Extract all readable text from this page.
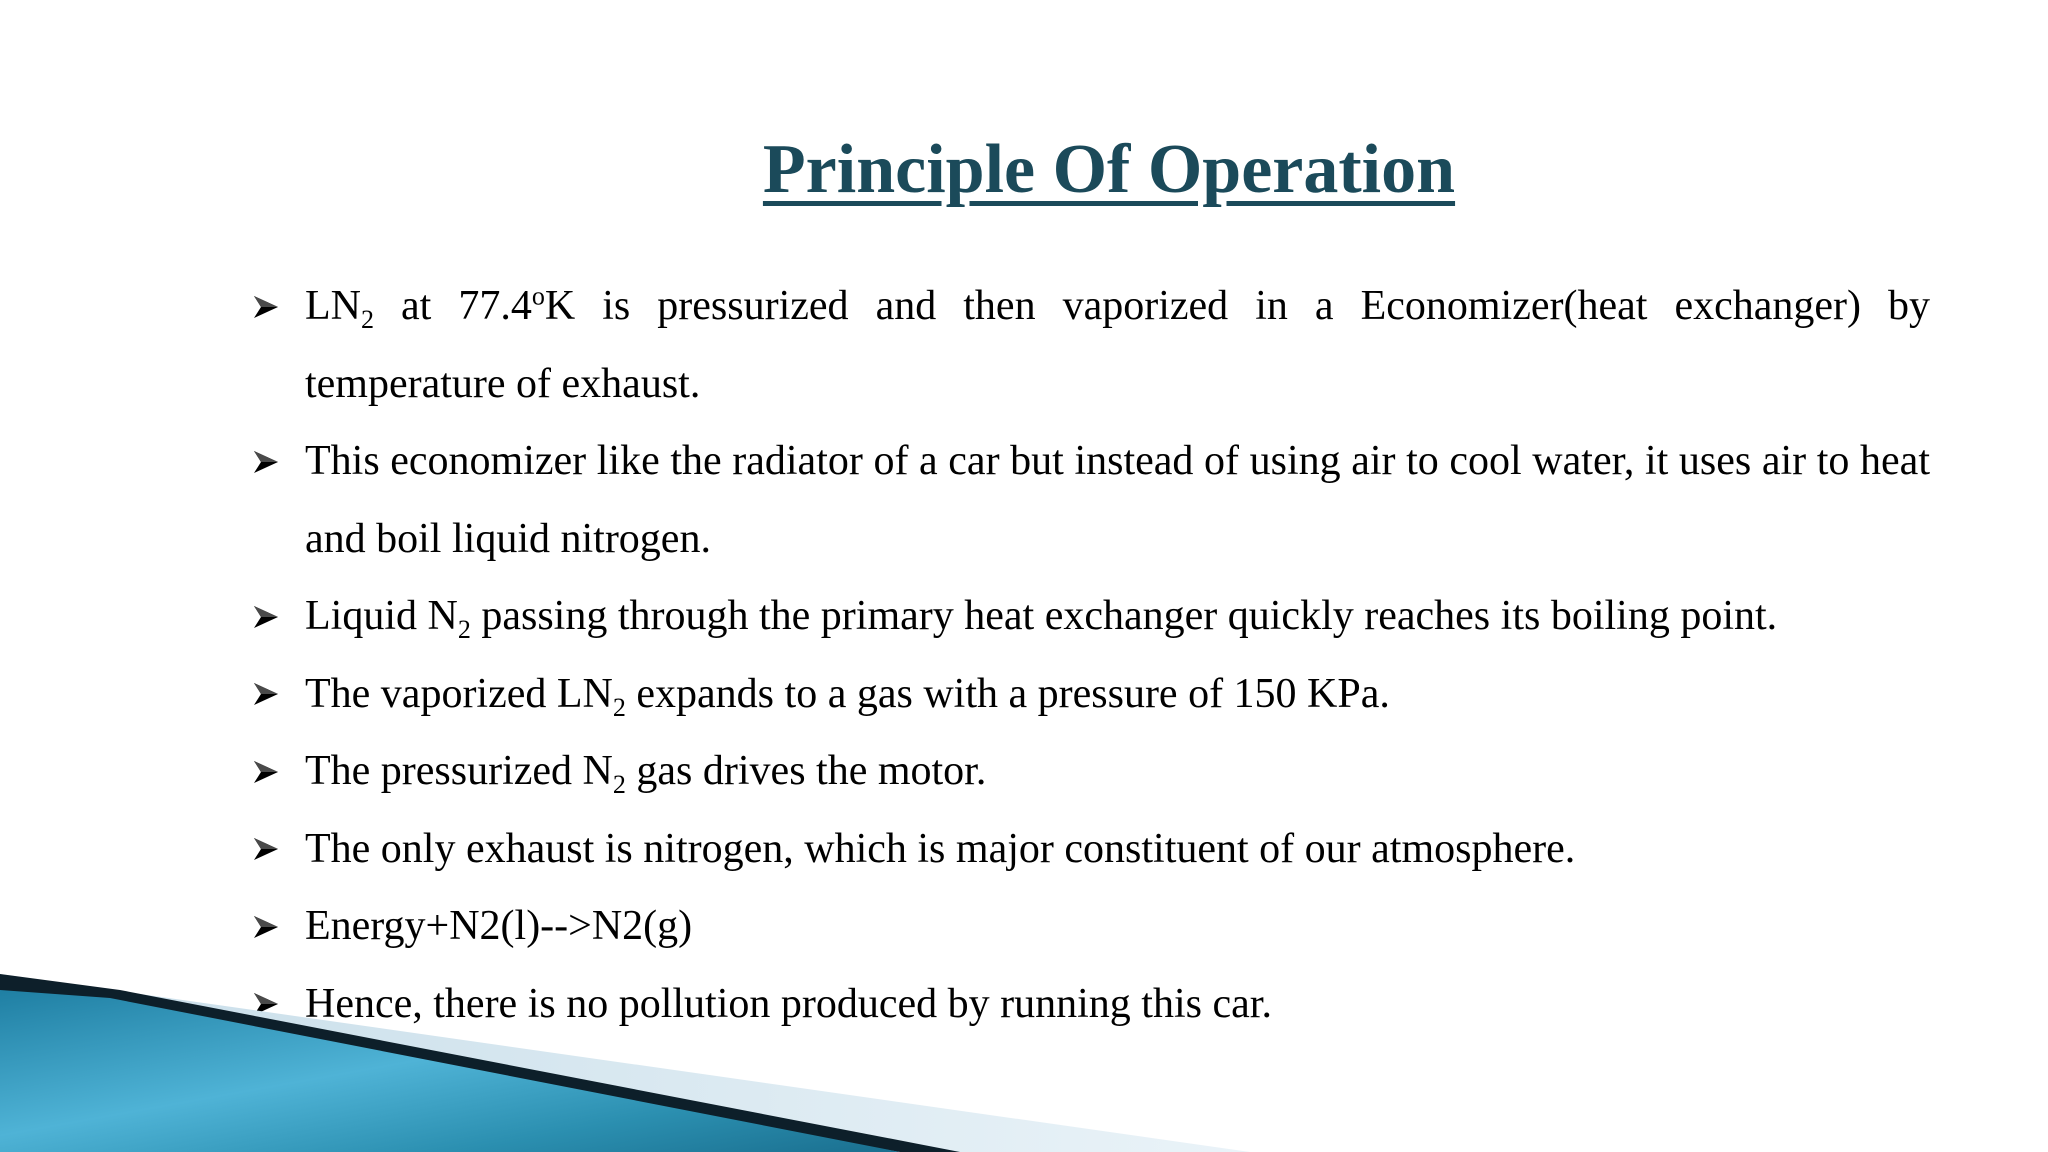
Principle Of Operation
$LN_2$ at 77.4$^o$K is pressurized and then vaporized in a Economizer(heat exchanger) by temperature of exhaust.
This economizer like the radiator of a car but instead of using air to cool water, it uses air to heat and boil liquid nitrogen.
Liquid $N_2$ passing through the primary heat exchanger quickly reaches its boiling point.
The vaporized $LN_2$ expands to a gas with a pressure of 150 KPa.
The pressurized $N_2$ gas drives the motor.
The only exhaust is nitrogen, which is major constituent of our atmosphere.
Energy+N2(l)-->N2(g)
Hence, there is no pollution produced by running this car.
